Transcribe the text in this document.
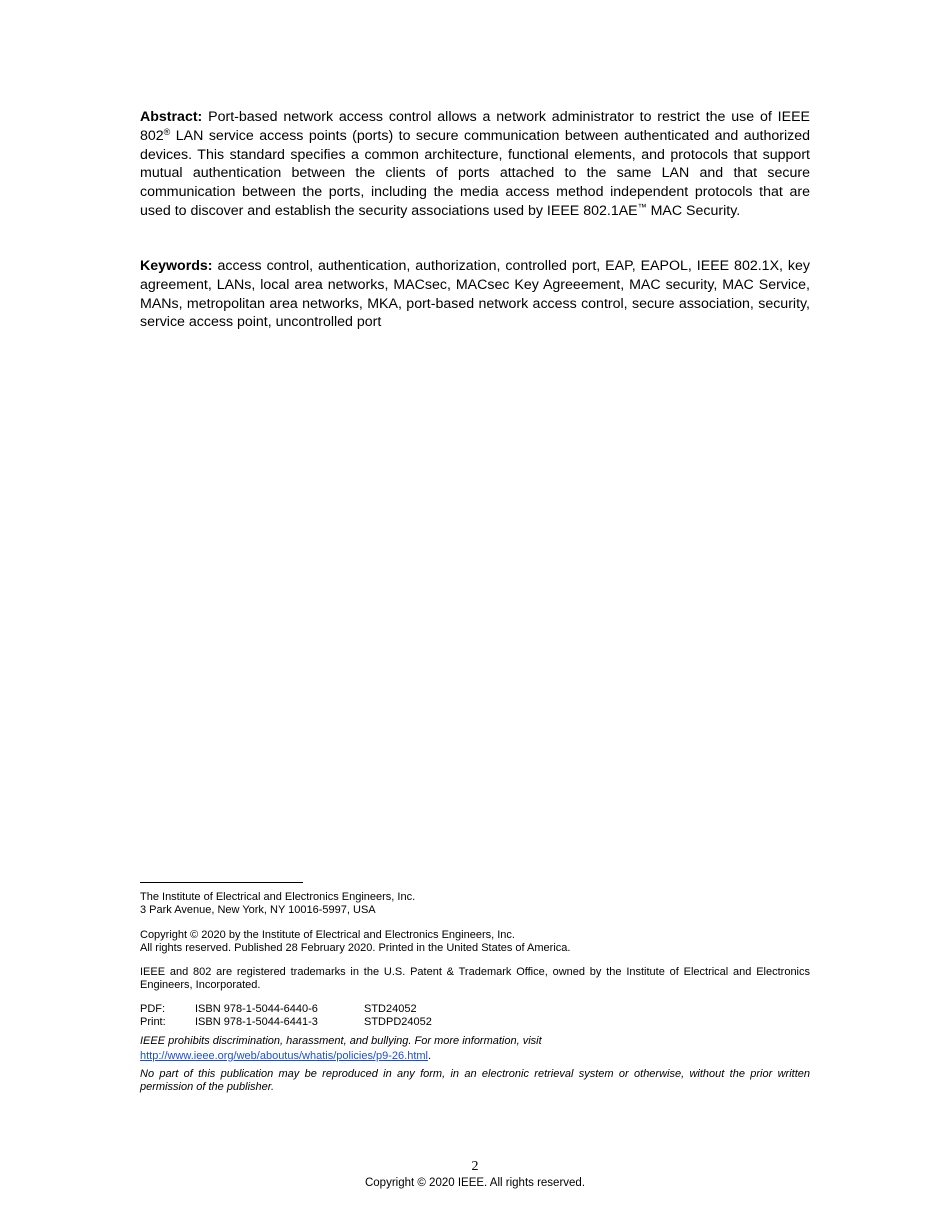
Abstract: Port-based network access control allows a network administrator to restrict the use of IEEE 802® LAN service access points (ports) to secure communication between authenticated and authorized devices. This standard specifies a common architecture, functional elements, and protocols that support mutual authentication between the clients of ports attached to the same LAN and that secure communication between the ports, including the media access method independent protocols that are used to discover and establish the security associations used by IEEE 802.1AE™ MAC Security.

Keywords: access control, authentication, authorization, controlled port, EAP, EAPOL, IEEE 802.1X, key agreement, LANs, local area networks, MACsec, MACsec Key Agreeement, MAC security, MAC Service, MANs, metropolitan area networks, MKA, port-based network access control, secure association, security, service access point, uncontrolled port

The Institute of Electrical and Electronics Engineers, Inc.
3 Park Avenue, New York, NY 10016-5997, USA

Copyright © 2020 by the Institute of Electrical and Electronics Engineers, Inc.
All rights reserved. Published 28 February 2020. Printed in the United States of America.

IEEE and 802 are registered trademarks in the U.S. Patent & Trademark Office, owned by the Institute of Electrical and Electronics Engineers, Incorporated.

PDF:	ISBN 978-1-5044-6440-6	STD24052
Print:	ISBN 978-1-5044-6441-3	STDPD24052

IEEE prohibits discrimination, harassment, and bullying. For more information, visit
http://www.ieee.org/web/aboutus/whatis/policies/p9-26.html.

No part of this publication may be reproduced in any form, in an electronic retrieval system or otherwise, without the prior written permission of the publisher.

2
Copyright © 2020 IEEE. All rights reserved.
